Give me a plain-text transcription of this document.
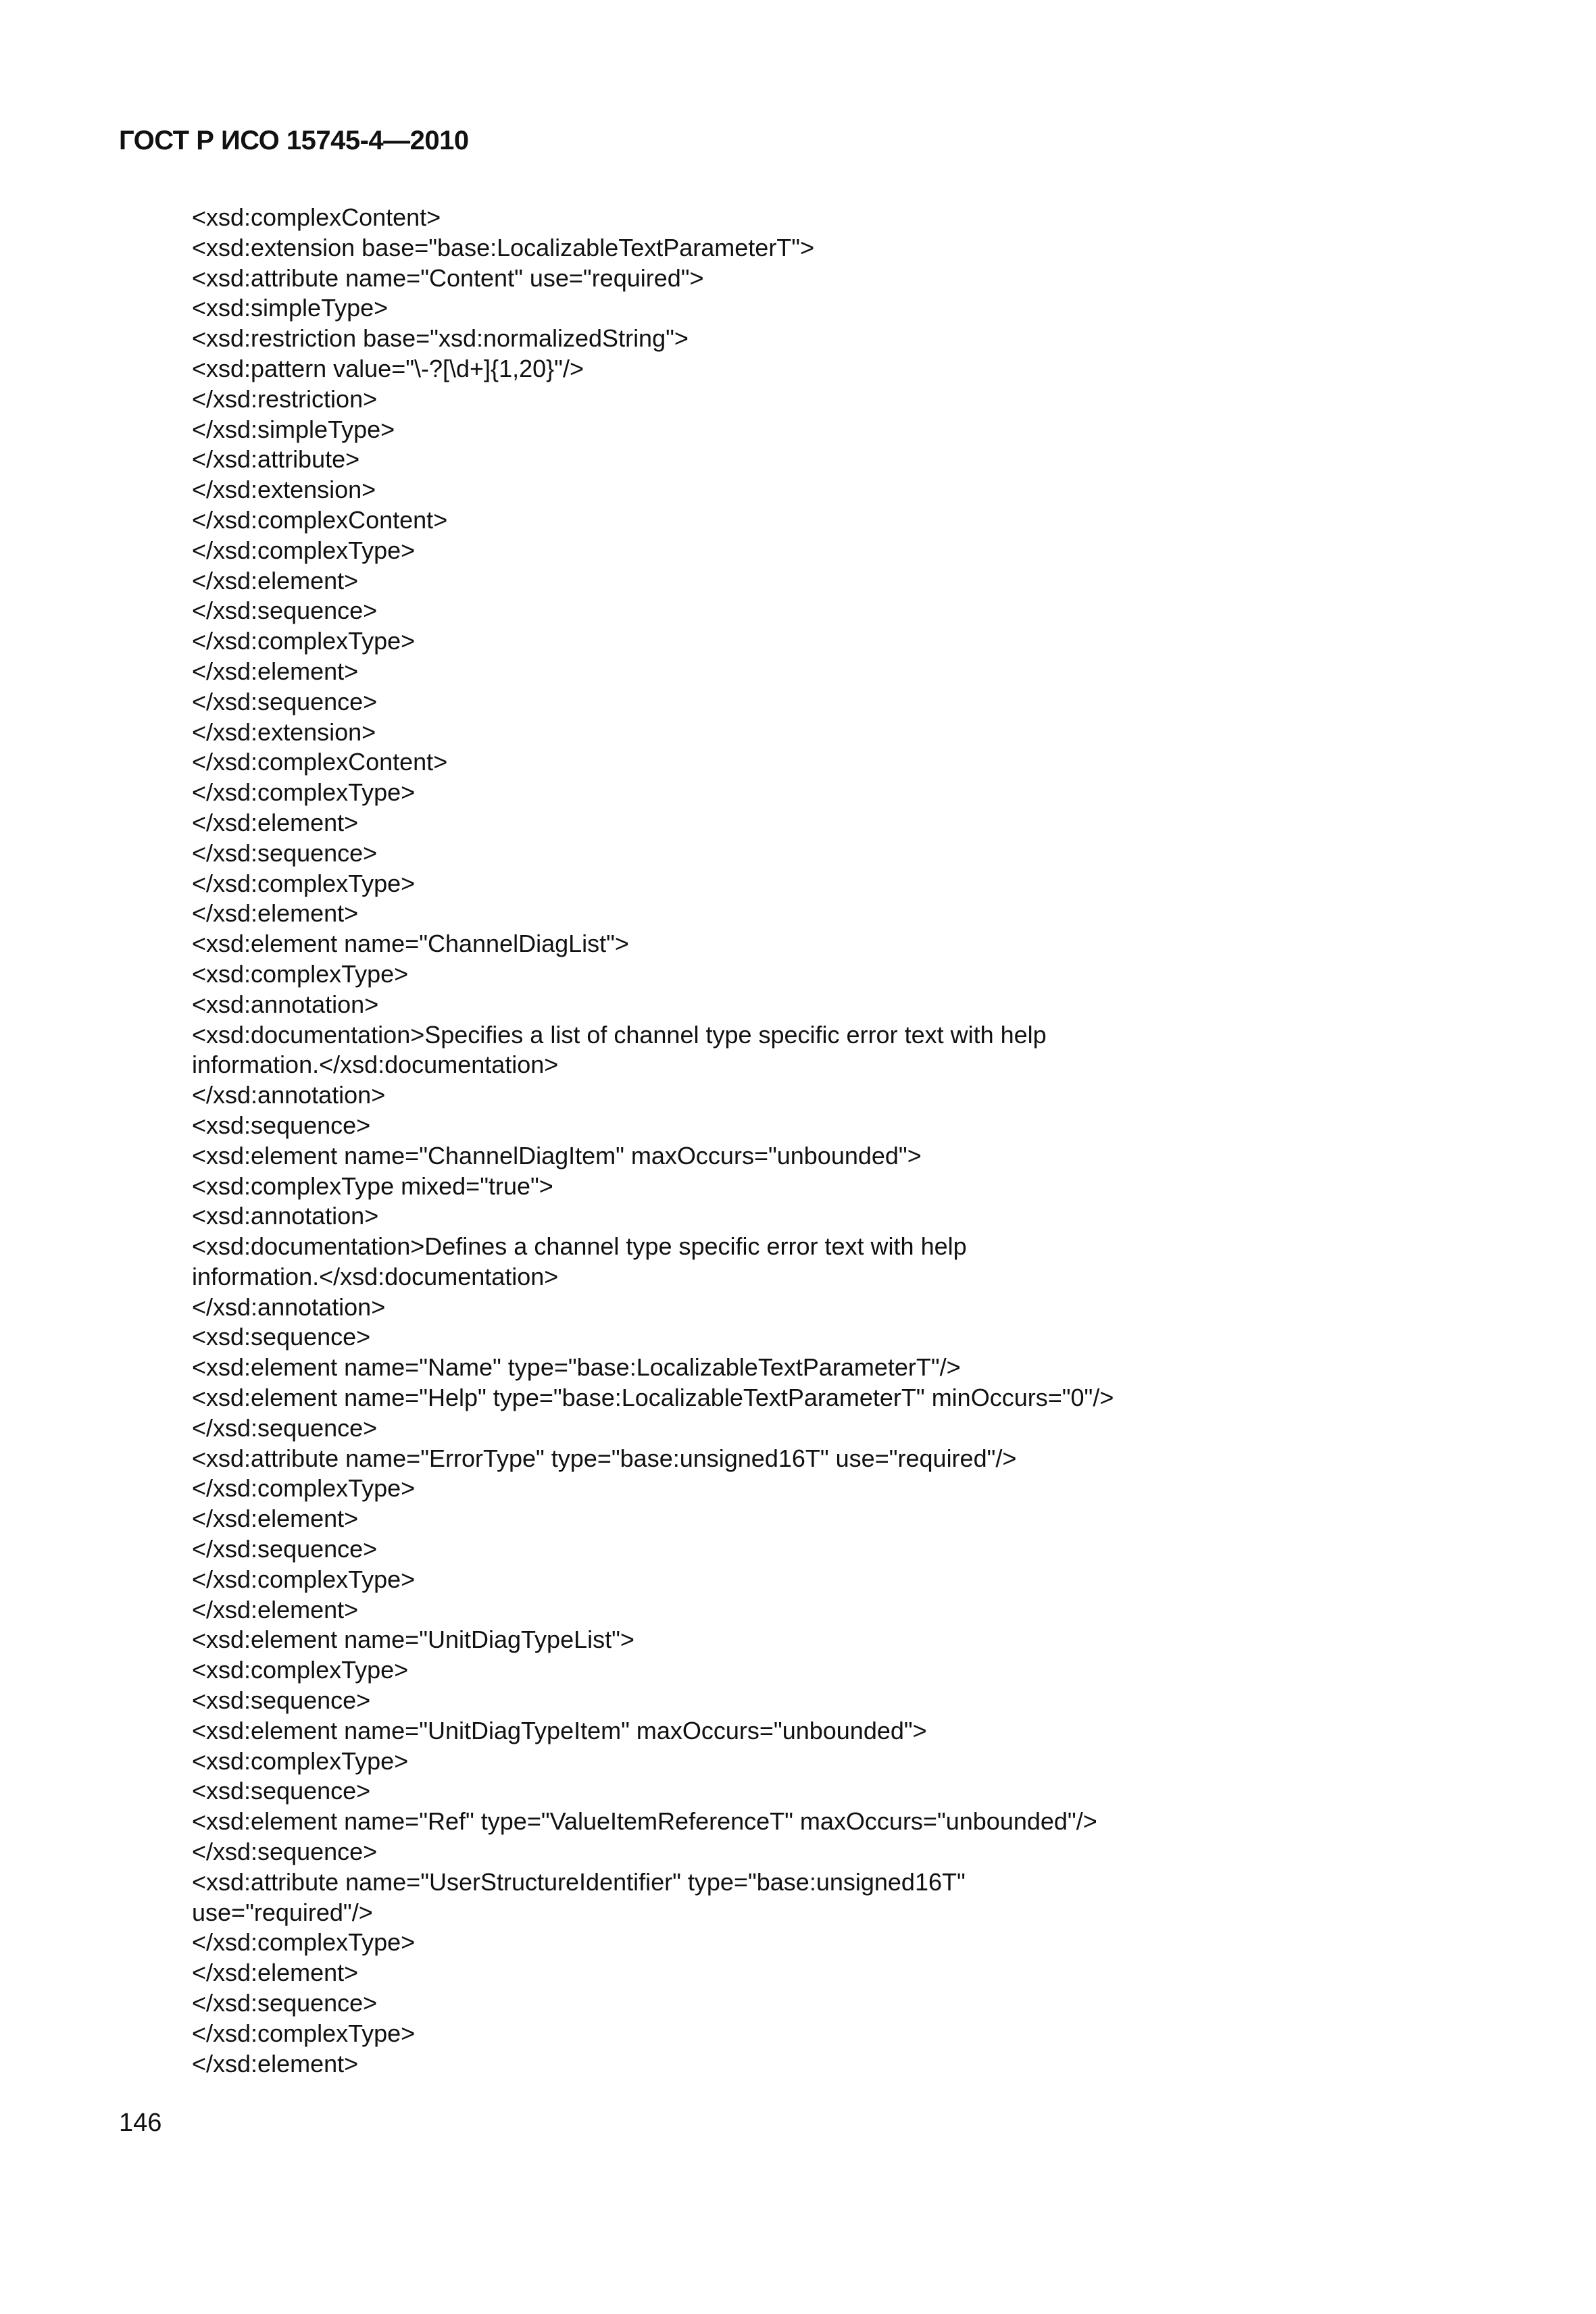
ГОСТ Р ИСО 15745-4—2010
<xsd:complexContent>
<xsd:extension base="base:LocalizableTextParameterT">
<xsd:attribute name="Content" use="required">
<xsd:simpleType>
<xsd:restriction base="xsd:normalizedString">
<xsd:pattern value="\-?[\d+]{1,20}"/>
</xsd:restriction>
</xsd:simpleType>
</xsd:attribute>
</xsd:extension>
</xsd:complexContent>
</xsd:complexType>
</xsd:element>
</xsd:sequence>
</xsd:complexType>
</xsd:element>
</xsd:sequence>
</xsd:extension>
</xsd:complexContent>
</xsd:complexType>
</xsd:element>
</xsd:sequence>
</xsd:complexType>
</xsd:element>
<xsd:element name="ChannelDiagList">
<xsd:complexType>
<xsd:annotation>
<xsd:documentation>Specifies a list of channel type specific error text with help
information.</xsd:documentation>
</xsd:annotation>
<xsd:sequence>
<xsd:element name="ChannelDiagItem" maxOccurs="unbounded">
<xsd:complexType mixed="true">
<xsd:annotation>
<xsd:documentation>Defines a channel type specific error text with help
information.</xsd:documentation>
</xsd:annotation>
<xsd:sequence>
<xsd:element name="Name" type="base:LocalizableTextParameterT"/>
<xsd:element name="Help" type="base:LocalizableTextParameterT" minOccurs="0"/>
</xsd:sequence>
<xsd:attribute name="ErrorType" type="base:unsigned16T" use="required"/>
</xsd:complexType>
</xsd:element>
</xsd:sequence>
</xsd:complexType>
</xsd:element>
<xsd:element name="UnitDiagTypeList">
<xsd:complexType>
<xsd:sequence>
<xsd:element name="UnitDiagTypeItem" maxOccurs="unbounded">
<xsd:complexType>
<xsd:sequence>
<xsd:element name="Ref" type="ValueItemReferenceT" maxOccurs="unbounded"/>
</xsd:sequence>
<xsd:attribute name="UserStructureIdentifier" type="base:unsigned16T"
use="required"/>
</xsd:complexType>
</xsd:element>
</xsd:sequence>
</xsd:complexType>
</xsd:element>
146
